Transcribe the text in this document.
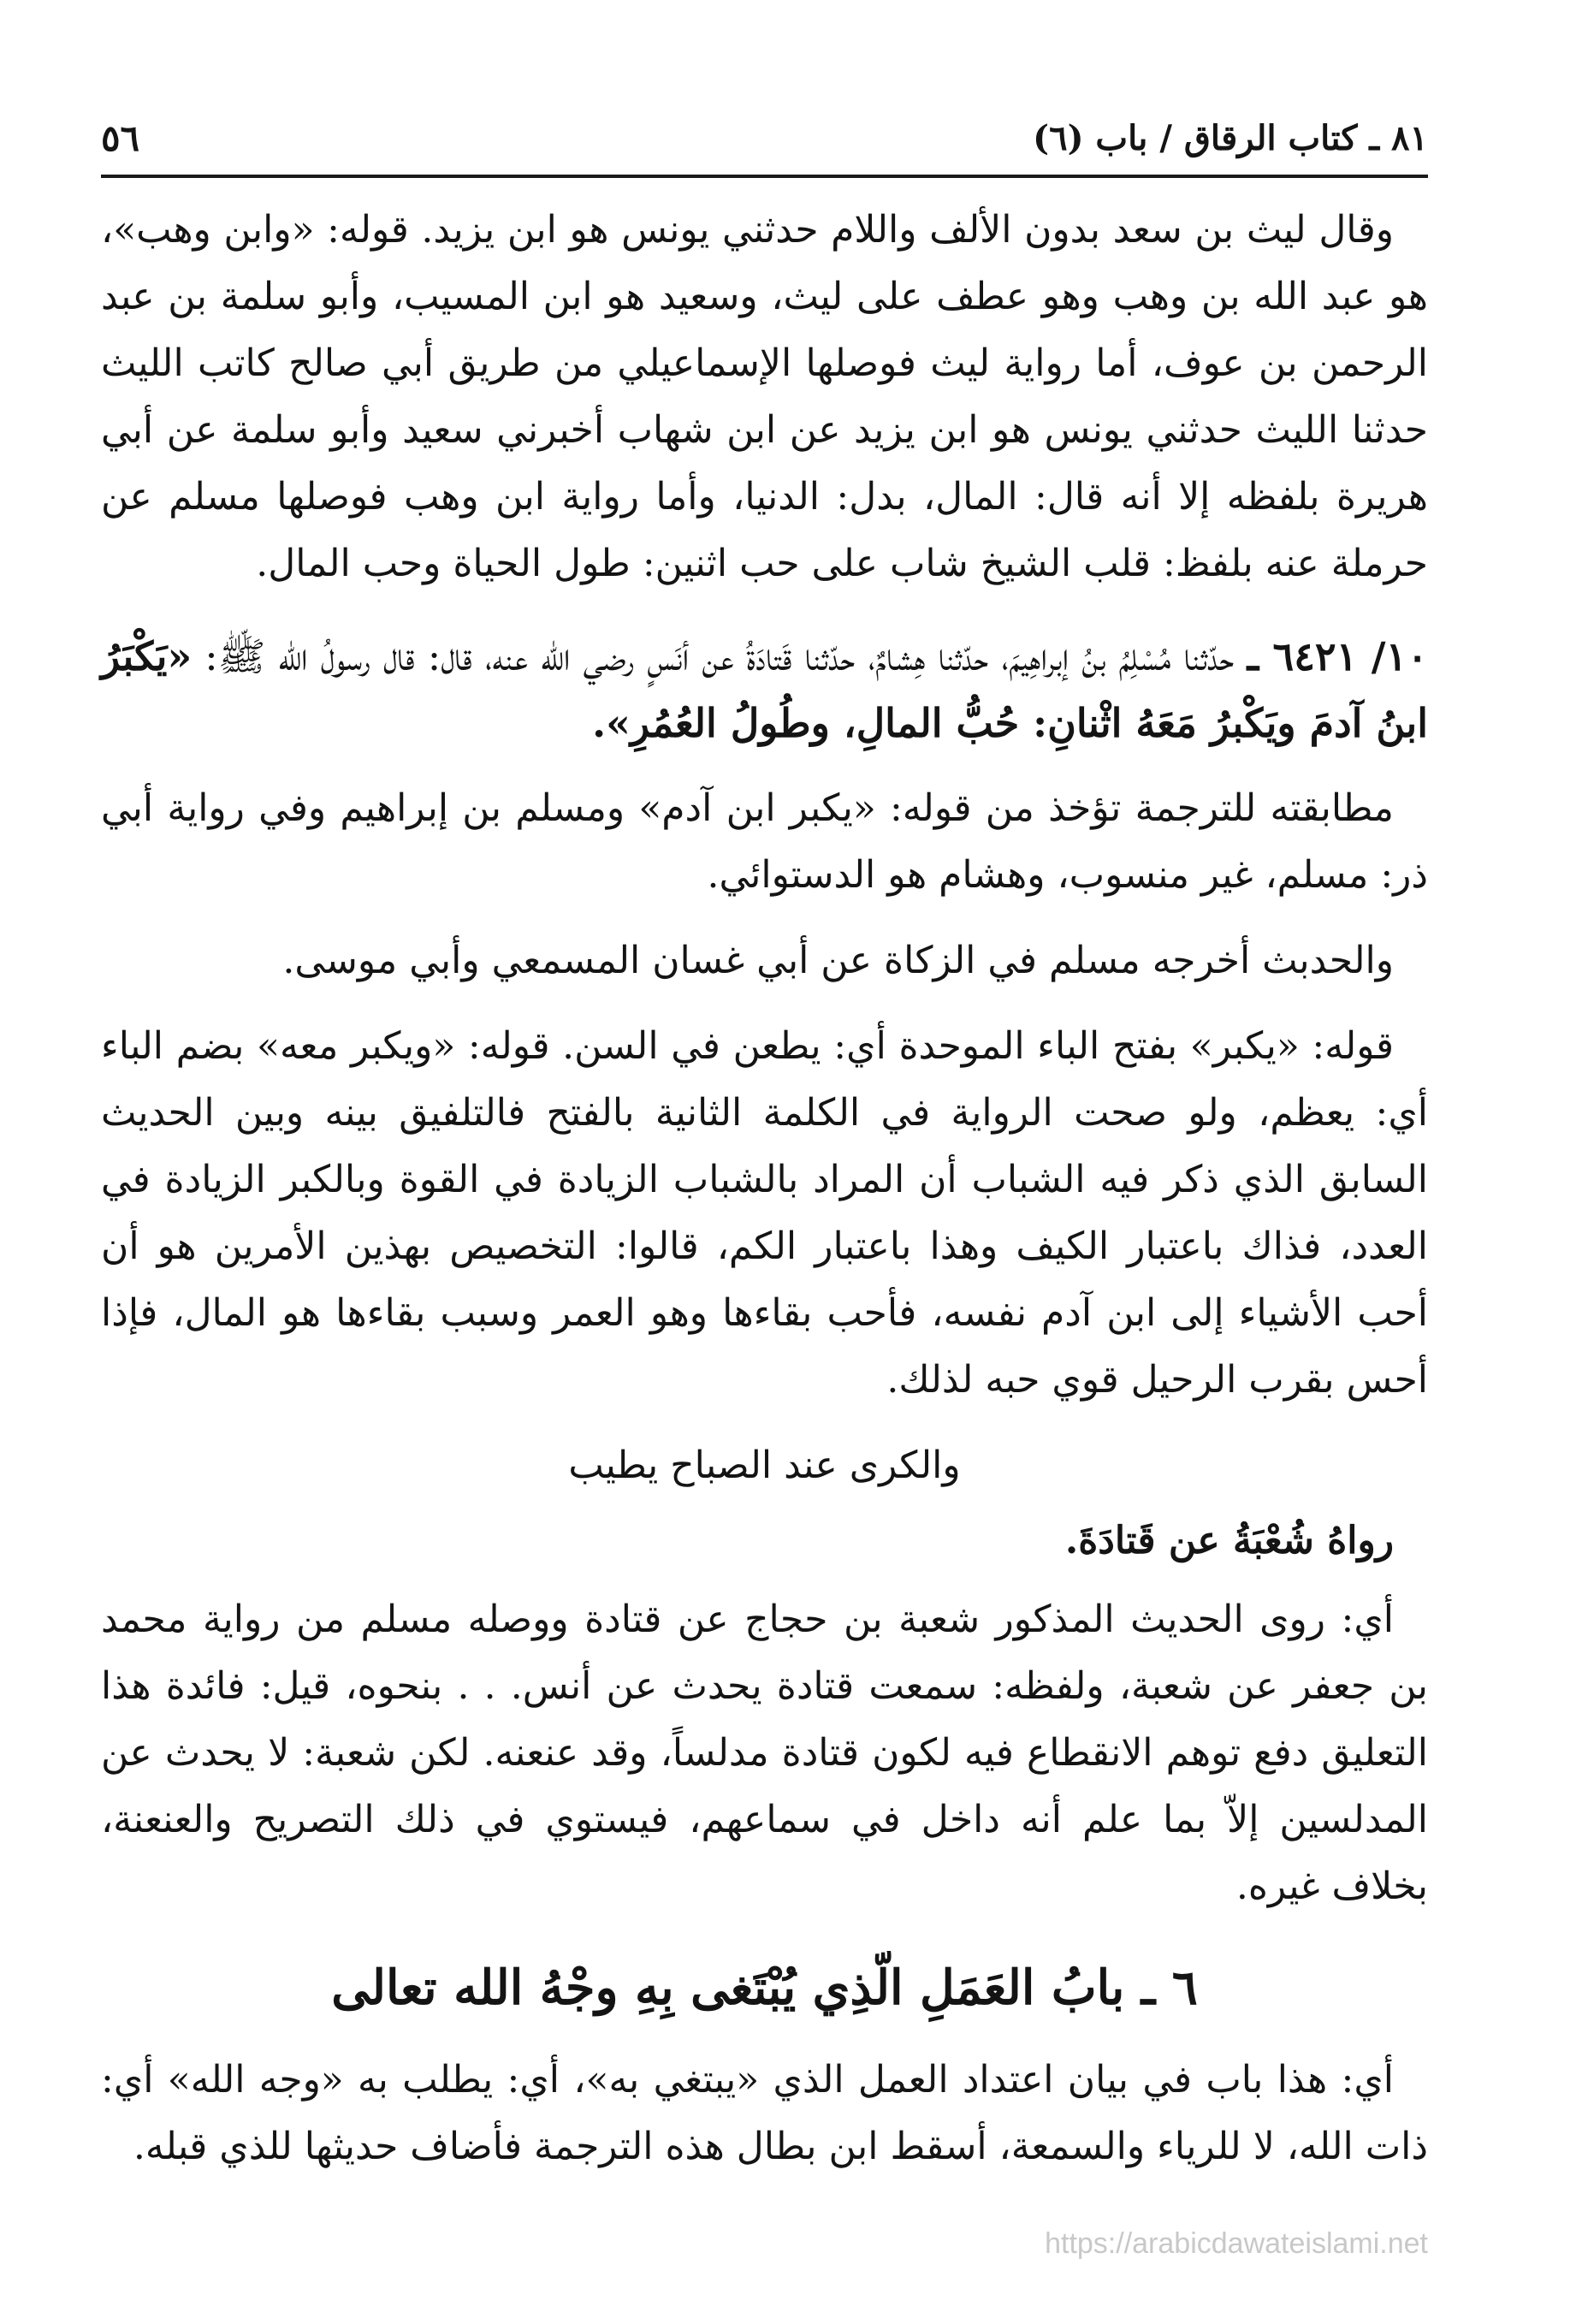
٨١ ـ كتاب الرقاق / باب (٦)
٥٦

وقال ليث بن سعد بدون الألف واللام حدثني يونس هو ابن يزيد. قوله: «وابن وهب»، هو عبد الله بن وهب وهو عطف على ليث، وسعيد هو ابن المسيب، وأبو سلمة بن عبد الرحمن بن عوف، أما رواية ليث فوصلها الإسماعيلي من طريق أبي صالح كاتب الليث حدثنا الليث حدثني يونس هو ابن يزيد عن ابن شهاب أخبرني سعيد وأبو سلمة عن أبي هريرة بلفظه إلا أنه قال: المال، بدل: الدنيا، وأما رواية ابن وهب فوصلها مسلم عن حرملة عنه بلفظ: قلب الشيخ شاب على حب اثنين: طول الحياة وحب المال.

١٠/ ٦٤٢١ ـ حدّثنا مُسْلِمُ بنُ إبراهِيمَ، حدّثنا هِشامٌ، حدّثنا قَتادَةُ عن أنَسٍ رضي الله عنه، قال: قال رسولُ الله ﷺ: «يَكْبَرُ ابنُ آدمَ ويَكْبرُ مَعَهُ اثْنانِ: حُبُّ المالِ، وطُولُ العُمُرِ».

مطابقته للترجمة تؤخذ من قوله: «يكبر ابن آدم» ومسلم بن إبراهيم وفي رواية أبي ذر: مسلم، غير منسوب، وهشام هو الدستوائي.

والحدبث أخرجه مسلم في الزكاة عن أبي غسان المسمعي وأبي موسى.

قوله: «يكبر» بفتح الباء الموحدة أي: يطعن في السن. قوله: «ويكبر معه» بضم الباء أي: يعظم، ولو صحت الرواية في الكلمة الثانية بالفتح فالتلفيق بينه وبين الحديث السابق الذي ذكر فيه الشباب أن المراد بالشباب الزيادة في القوة وبالكبر الزيادة في العدد، فذاك باعتبار الكيف وهذا باعتبار الكم، قالوا: التخصيص بهذين الأمرين هو أن أحب الأشياء إلى ابن آدم نفسه، فأحب بقاءها وهو العمر وسبب بقاءها هو المال، فإذا أحس بقرب الرحيل قوي حبه لذلك.

والكرى عند الصباح يطيب

رواهُ شُعْبَةُ عن قَتادَةَ.

أي: روى الحديث المذكور شعبة بن حجاج عن قتادة ووصله مسلم من رواية محمد بن جعفر عن شعبة، ولفظه: سمعت قتادة يحدث عن أنس. . . بنحوه، قيل: فائدة هذا التعليق دفع توهم الانقطاع فيه لكون قتادة مدلساً، وقد عنعنه. لكن شعبة: لا يحدث عن المدلسين إلاّ بما علم أنه داخل في سماعهم، فيستوي في ذلك التصريح والعنعنة، بخلاف غيره.

٦ ـ بابُ العَمَلِ الّذِي يُبْتَغى بِهِ وجْهُ الله تعالى

أي: هذا باب في بيان اعتداد العمل الذي «يبتغي به»، أي: يطلب به «وجه الله» أي: ذات الله، لا للرياء والسمعة، أسقط ابن بطال هذه الترجمة فأضاف حديثها للذي قبله.

https://arabicdawateislami.net
